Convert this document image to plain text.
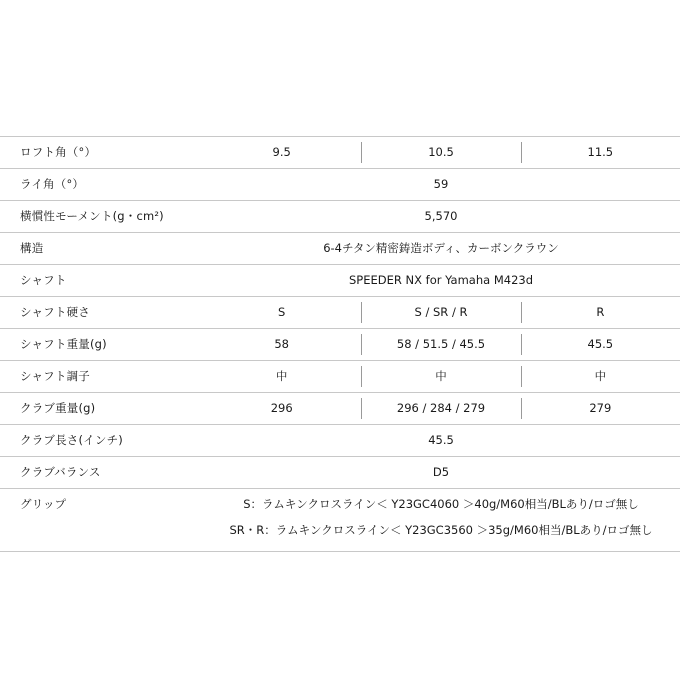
ロフト角（°）	9.5	10.5	11.5
ライ角（°）	59
横慣性モーメント(g・cm²)	5,570
構造	6-4チタン精密鋳造ボディ、カーボンクラウン
シャフト	SPEEDER NX for Yamaha M423d
シャフト硬さ	S	S / SR / R	R
シャフト重量(g)	58	58 / 51.5 / 45.5	45.5
シャフト調子	中	中	中
クラブ重量(g)	296	296 / 284 / 279	279
クラブ長さ(インチ)	45.5
クラブバランス	D5
グリップ	S：ラムキンクロスライン＜ Y23GC4060 ＞40g/M60相当/BLあり/ロゴ無し
SR・R：ラムキンクロスライン＜ Y23GC3560 ＞35g/M60相当/BLあり/ロゴ無し
